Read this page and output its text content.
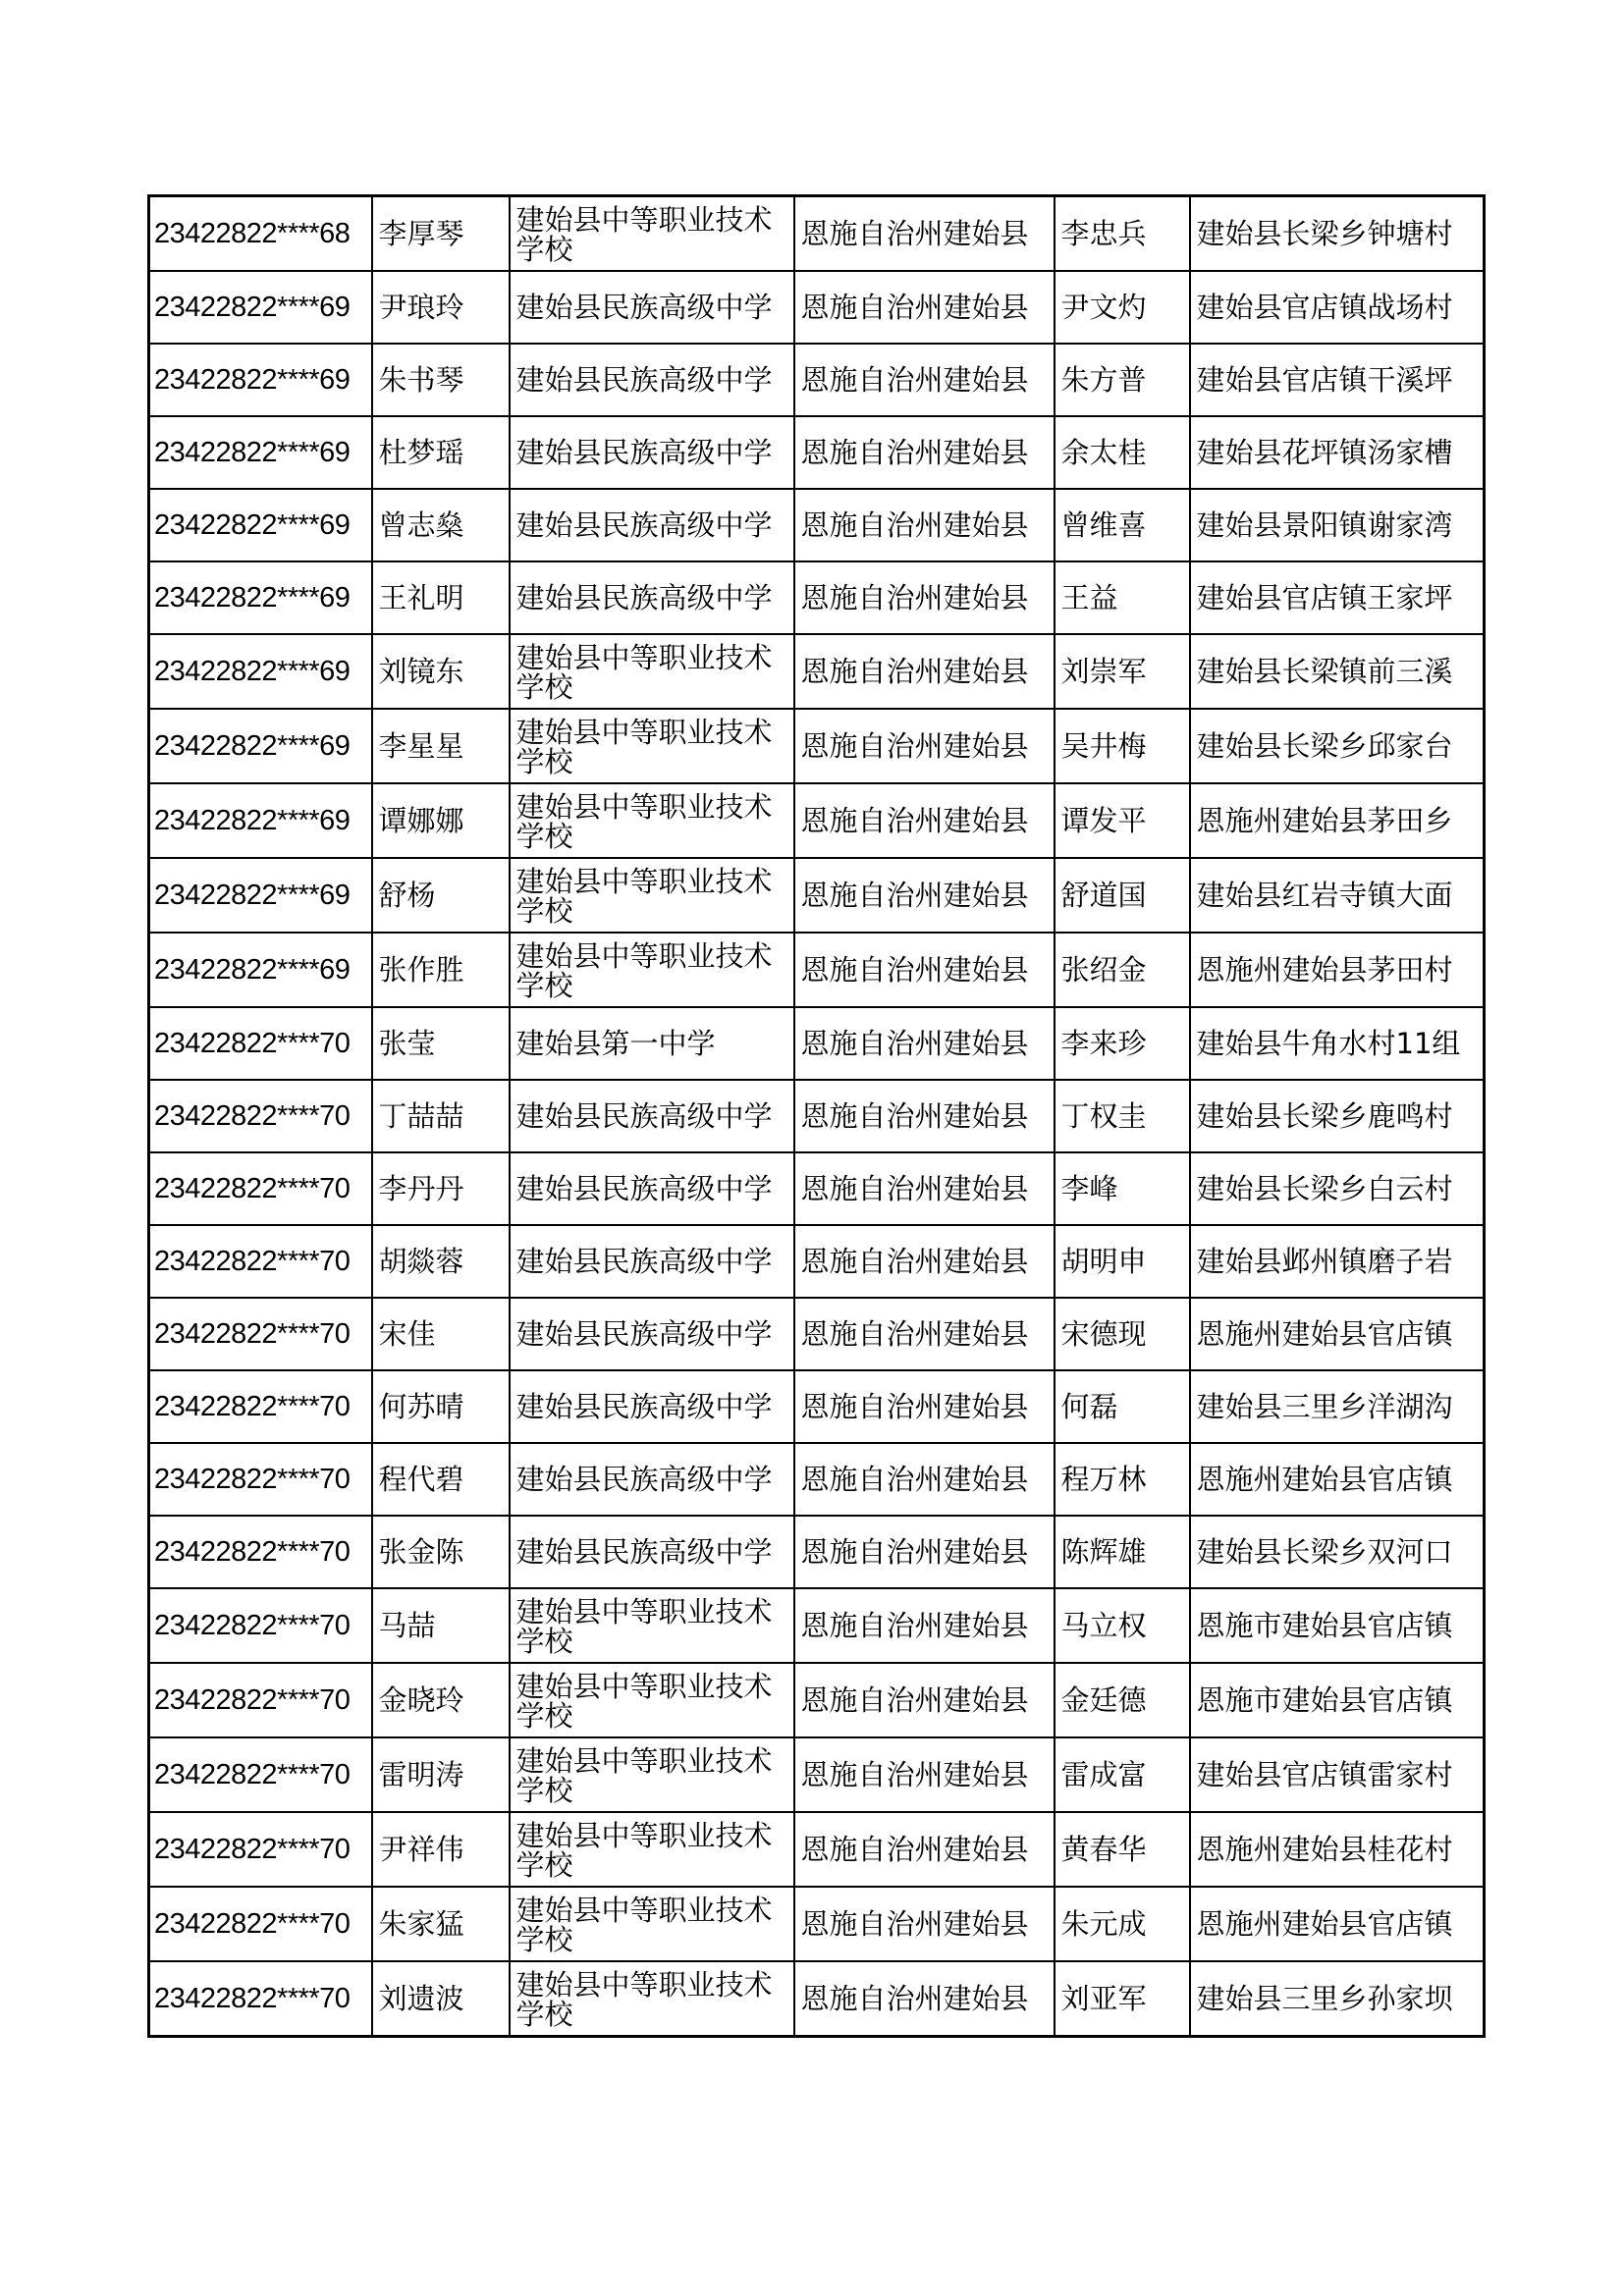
23422822****68	李厚琴	建始县中等职业技术学校	恩施自治州建始县	李忠兵	建始县长梁乡钟塘村
23422822****69	尹琅玲	建始县民族高级中学	恩施自治州建始县	尹文灼	建始县官店镇战场村
23422822****69	朱书琴	建始县民族高级中学	恩施自治州建始县	朱方普	建始县官店镇干溪坪
23422822****69	杜梦瑶	建始县民族高级中学	恩施自治州建始县	余太桂	建始县花坪镇汤家槽
23422822****69	曾志燊	建始县民族高级中学	恩施自治州建始县	曾维喜	建始县景阳镇谢家湾
23422822****69	王礼明	建始县民族高级中学	恩施自治州建始县	王益	建始县官店镇王家坪
23422822****69	刘镜东	建始县中等职业技术学校	恩施自治州建始县	刘崇军	建始县长梁镇前三溪
23422822****69	李星星	建始县中等职业技术学校	恩施自治州建始县	吴井梅	建始县长梁乡邱家台
23422822****69	谭娜娜	建始县中等职业技术学校	恩施自治州建始县	谭发平	恩施州建始县茅田乡
23422822****69	舒杨	建始县中等职业技术学校	恩施自治州建始县	舒道国	建始县红岩寺镇大面
23422822****69	张作胜	建始县中等职业技术学校	恩施自治州建始县	张绍金	恩施州建始县茅田村
23422822****70	张莹	建始县第一中学	恩施自治州建始县	李来珍	建始县牛角水村11组
23422822****70	丁喆喆	建始县民族高级中学	恩施自治州建始县	丁权圭	建始县长梁乡鹿鸣村
23422822****70	李丹丹	建始县民族高级中学	恩施自治州建始县	李峰	建始县长梁乡白云村
23422822****70	胡燚蓉	建始县民族高级中学	恩施自治州建始县	胡明申	建始县邺州镇磨子岩
23422822****70	宋佳	建始县民族高级中学	恩施自治州建始县	宋德现	恩施州建始县官店镇
23422822****70	何苏晴	建始县民族高级中学	恩施自治州建始县	何磊	建始县三里乡洋湖沟
23422822****70	程代碧	建始县民族高级中学	恩施自治州建始县	程万林	恩施州建始县官店镇
23422822****70	张金陈	建始县民族高级中学	恩施自治州建始县	陈辉雄	建始县长梁乡双河口
23422822****70	马喆	建始县中等职业技术学校	恩施自治州建始县	马立权	恩施市建始县官店镇
23422822****70	金晓玲	建始县中等职业技术学校	恩施自治州建始县	金廷德	恩施市建始县官店镇
23422822****70	雷明涛	建始县中等职业技术学校	恩施自治州建始县	雷成富	建始县官店镇雷家村
23422822****70	尹祥伟	建始县中等职业技术学校	恩施自治州建始县	黄春华	恩施州建始县桂花村
23422822****70	朱家猛	建始县中等职业技术学校	恩施自治州建始县	朱元成	恩施州建始县官店镇
23422822****70	刘遗波	建始县中等职业技术学校	恩施自治州建始县	刘亚军	建始县三里乡孙家坝
